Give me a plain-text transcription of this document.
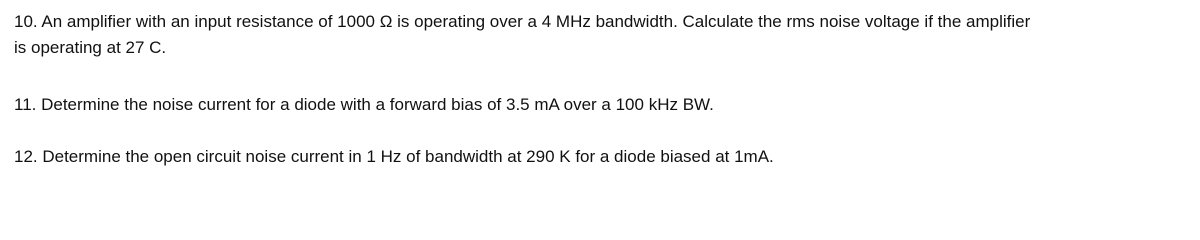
10. An amplifier with an input resistance of 1000 Ω is operating over a 4 MHz bandwidth. Calculate the rms noise voltage if the amplifier
is operating at 27 C.

11. Determine the noise current for a diode with a forward bias of 3.5 mA over a 100 kHz BW.

12. Determine the open circuit noise current in 1 Hz of bandwidth at 290 K for a diode biased at 1mA.
